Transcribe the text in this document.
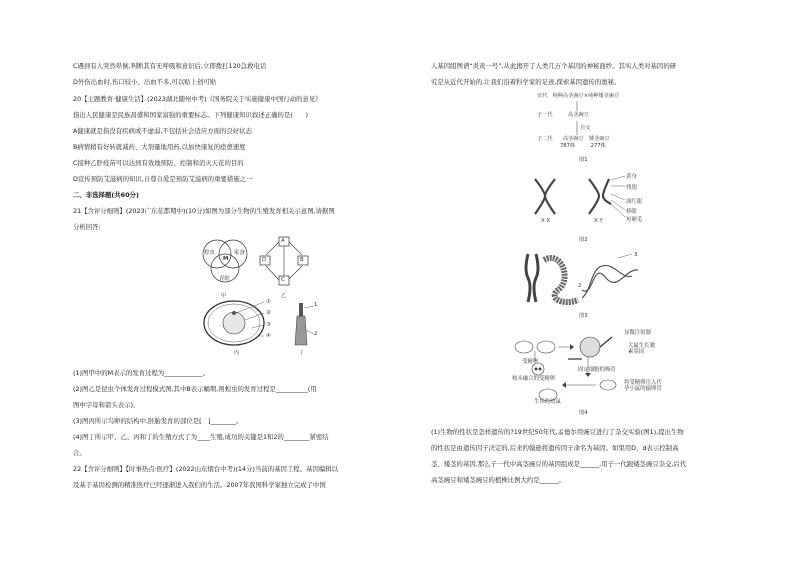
C遇到有人突然晕倒,判断其有无呼吸和意识后,立即拨打120急救电话
D外伤出血时,伤口较小、出血不多,可以贴上创可贴
20【主题教育·健康生活】(2023湖北随州中考)《国务院关于实施健康中国行动的意见》
指出人民健康是民族昌盛和国家富强的重要标志。下列健康知识叙述正确的是(　　)
A健康就是指没有疾病或不虚弱,不包括社会适应方面的良好状态
B病情稍有好转就减药、大剂量地用药,以加快康复的痊愈速度
C接种乙肝疫苗可以达到有效地预防、控制和消灭天花的目的
D宣传预防艾滋病的知识,自尊自爱是预防艾滋病的重要措施之一
二、非选择题(共60分)
21【含评分细则】(2023广东花都期中)(10分)如图为部分生物的生殖发育相关示意图,请据图
分析回答:
蝗虫	家蚕
青蛙
M
甲
A
B
C
D
乙
①
②
③
④
丙
1
2
丁
(1)图甲中的M表示的发育过程为____________。
(2)图乙是昆虫个体发育过程模式图,其中B表示蛹期,则蝗虫的发育过程是__________(用
图中字母和箭头表示)。
(3)图丙所示鸟卵的结构中,胚胎发育的部位是[　]________。
(4)图丁所示甲、乙、丙和丁的生殖方式丁为____生殖,成功的关键是1和2的________紧密结
合。
22【含评分细则】【时事热点·医疗】(2022山东烟台中考)(14分)当前的基因工程、基因编辑以
及基于基因检测的精准医疗已经逐渐进入我们的生活。2007年我国科学家独立完成了中国
人基因组图谱“炎黄一号”,从此揭开了人类几万个基因的神秘面纱。其实人类对基因的研
究是从近代开始的,让我们沿着科学家的足迹,探索基因遗传的奥秘。
亲代　纯种高茎豌豆×纯种矮茎豌豆
子一代　　　高茎豌豆
自交
子二代　　高茎豌豆　矮茎豌豆
787株　　　277株
图1
X X	X Y
黄身
残翅
深红眼
棒眼
短硬毛
图2
1
2
3
图3
显微注射器
大鼠生长激素基因
受精卵
固定细胞的吸管
核未融合的受精卵
将受精卵注入代孕小鼠的输卵管
生出的幼鼠
图4
(1)生物的性状是怎样遗传的?19世纪50年代,孟德尔用豌豆进行了杂交实验(图1),提出生物
的性状是由遗传因子决定的,后来约翰逊将遗传因子命名为基因。如果用D、d表示控制高
茎、矮茎的基因,那么子一代中高茎豌豆的基因组成是______,用子一代跟矮茎豌豆杂交,后代
高茎豌豆和矮茎豌豆的植株比例大约是______。
